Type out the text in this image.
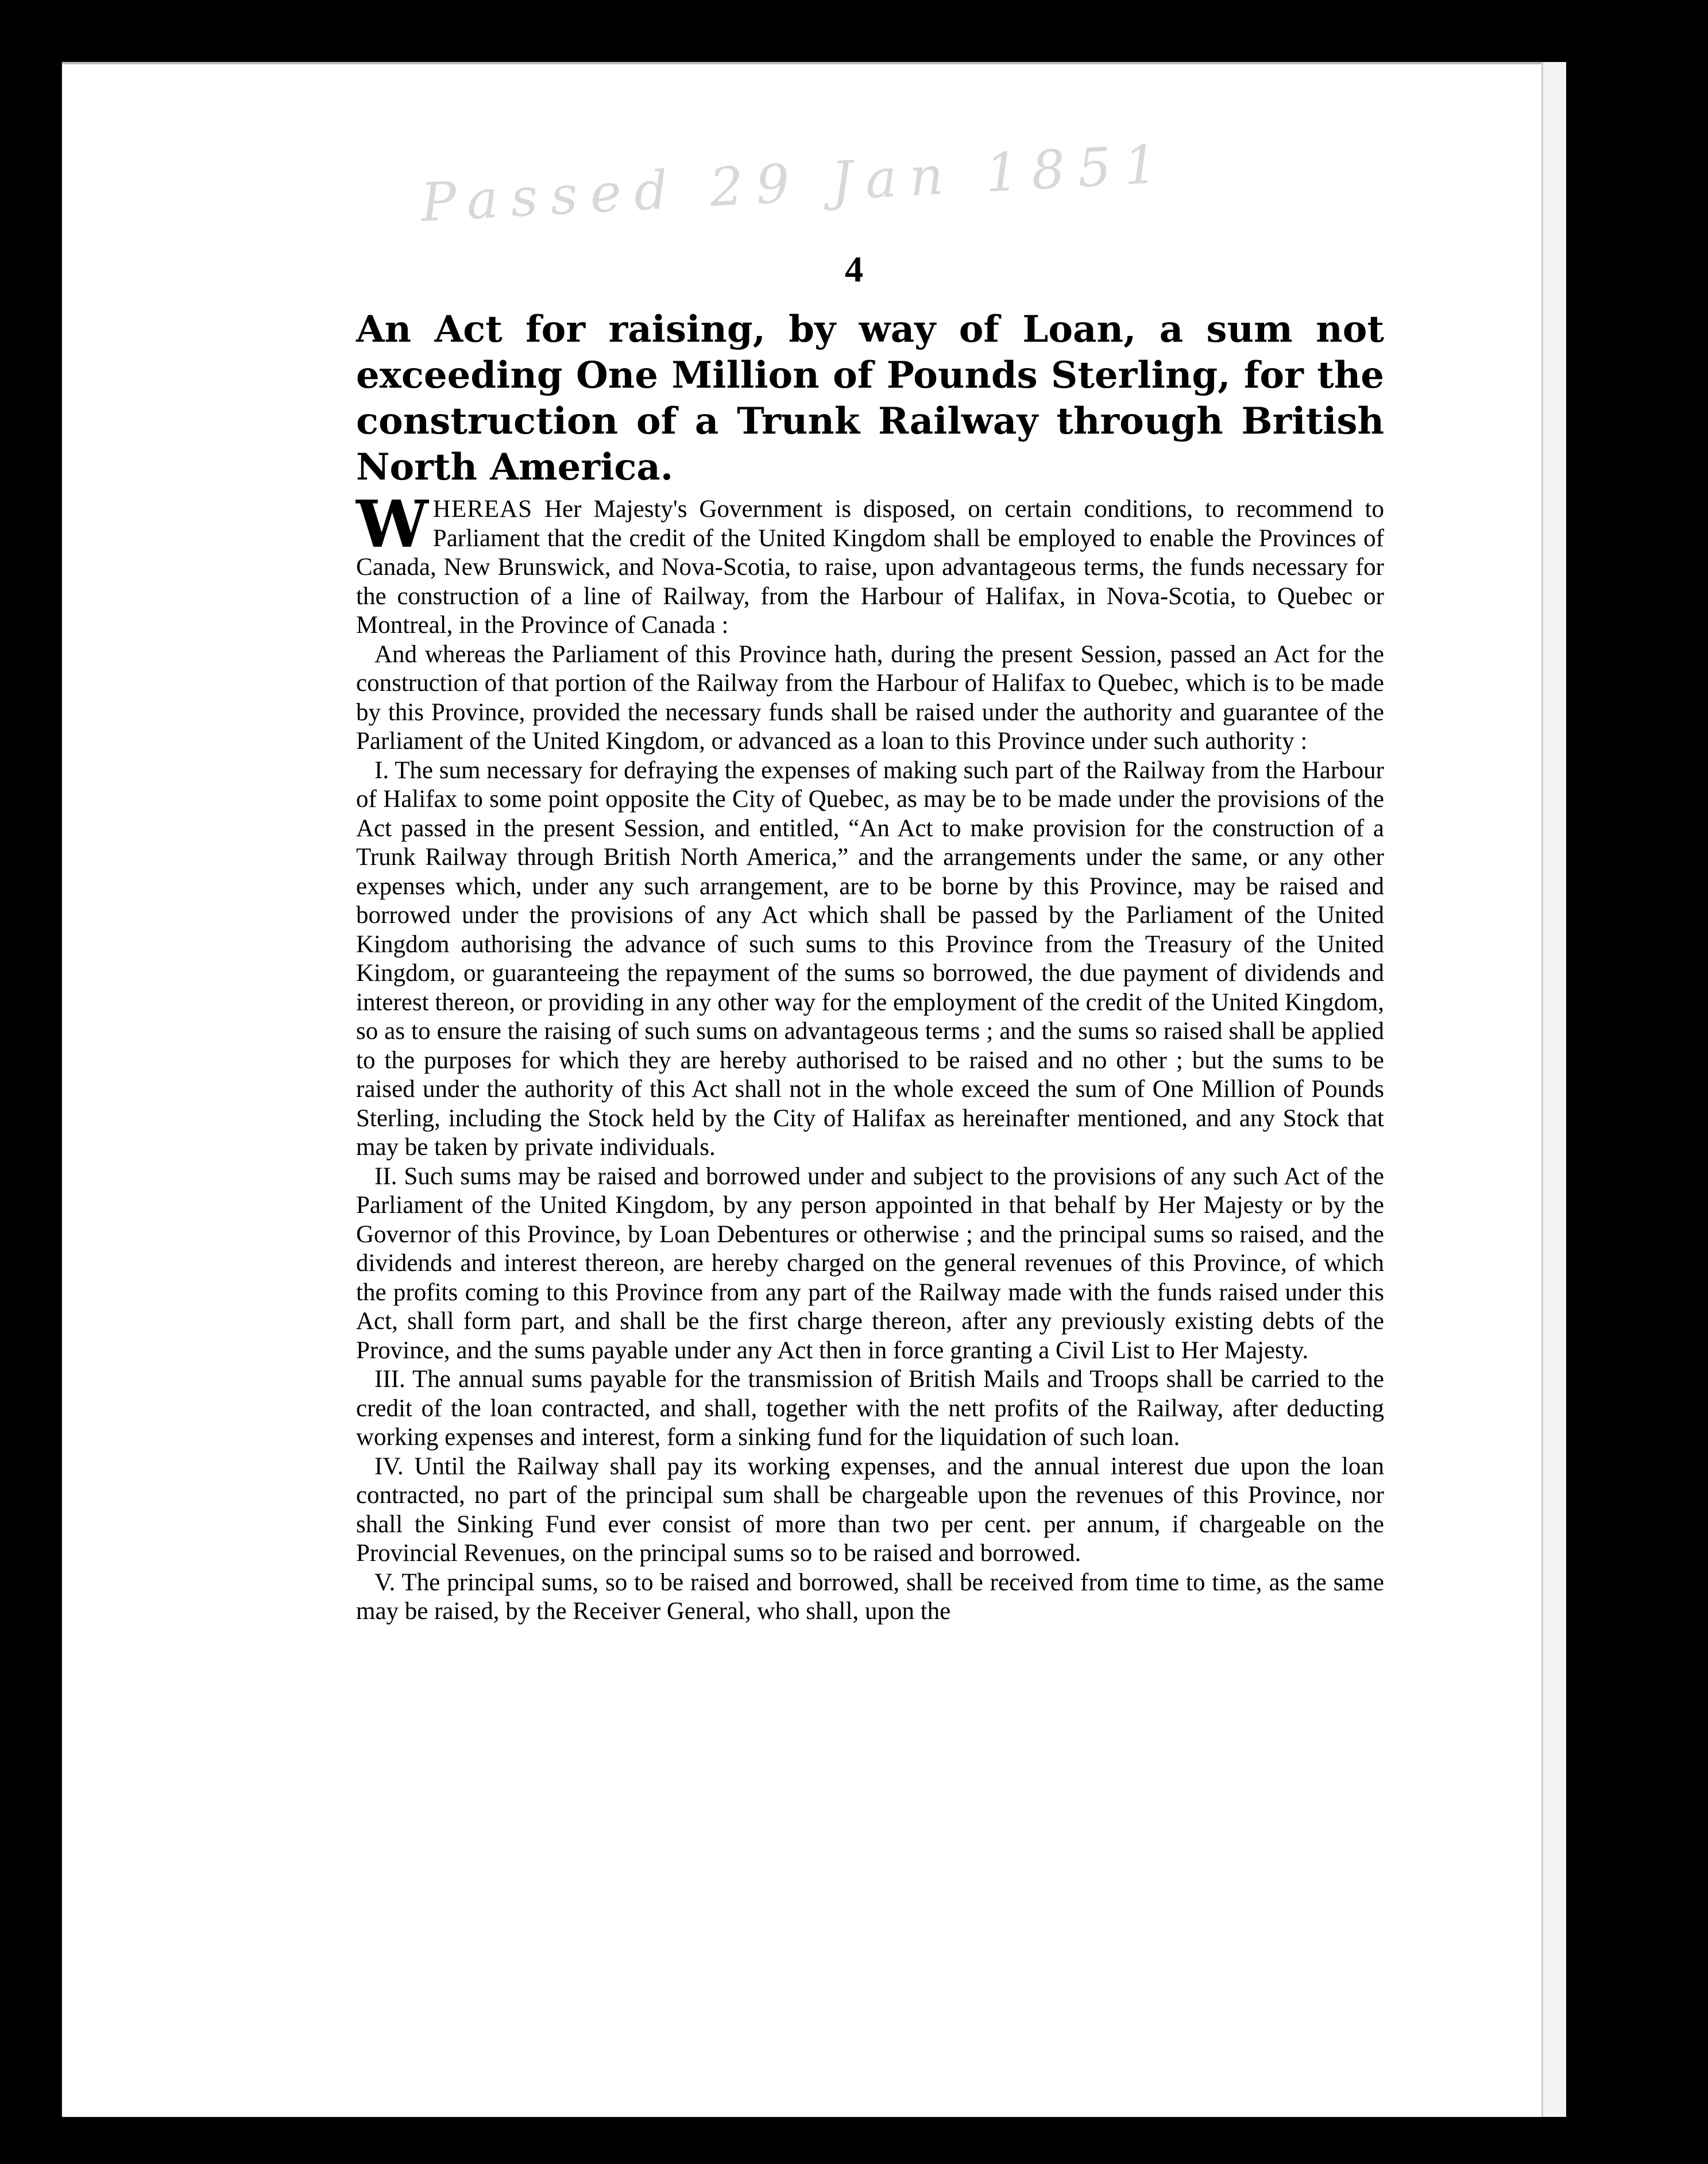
Passed 29 Jan 1851
4
An Act for raising, by way of Loan, a sum not exceeding One Million of Pounds Sterling, for the construction of a Trunk Railway through British North America.

WHEREAS Her Majesty's Government is disposed, on certain conditions, to recommend to Parliament that the credit of the United Kingdom shall be employed to enable the Provinces of Canada, New Brunswick, and Nova-Scotia, to raise, upon advantageous terms, the funds necessary for the construction of a line of Railway, from the Harbour of Halifax, in Nova-Scotia, to Quebec or Montreal, in the Province of Canada :

And whereas the Parliament of this Province hath, during the present Session, passed an Act for the construction of that portion of the Railway from the Harbour of Halifax to Quebec, which is to be made by this Province, provided the necessary funds shall be raised under the authority and guarantee of the Parliament of the United Kingdom, or advanced as a loan to this Province under such authority :

I. The sum necessary for defraying the expenses of making such part of the Railway from the Harbour of Halifax to some point opposite the City of Quebec, as may be to be made under the provisions of the Act passed in the present Session, and entitled, “An Act to make provision for the construction of a Trunk Railway through British North America,” and the arrangements under the same, or any other expenses which, under any such arrangement, are to be borne by this Province, may be raised and borrowed under the provisions of any Act which shall be passed by the Parliament of the United Kingdom authorising the advance of such sums to this Province from the Treasury of the United Kingdom, or guaranteeing the repayment of the sums so borrowed, the due payment of dividends and interest thereon, or providing in any other way for the employment of the credit of the United Kingdom, so as to ensure the raising of such sums on advantageous terms ; and the sums so raised shall be applied to the purposes for which they are hereby authorised to be raised and no other ; but the sums to be raised under the authority of this Act shall not in the whole exceed the sum of One Million of Pounds Sterling, including the Stock held by the City of Halifax as hereinafter mentioned, and any Stock that may be taken by private individuals.

II. Such sums may be raised and borrowed under and subject to the provisions of any such Act of the Parliament of the United Kingdom, by any person appointed in that behalf by Her Majesty or by the Governor of this Province, by Loan Debentures or otherwise ; and the principal sums so raised, and the dividends and interest thereon, are hereby charged on the general revenues of this Province, of which the profits coming to this Province from any part of the Railway made with the funds raised under this Act, shall form part, and shall be the first charge thereon, after any previously existing debts of the Province, and the sums payable under any Act then in force granting a Civil List to Her Majesty.

III. The annual sums payable for the transmission of British Mails and Troops shall be carried to the credit of the loan contracted, and shall, together with the nett profits of the Railway, after deducting working expenses and interest, form a sinking fund for the liquidation of such loan.

IV. Until the Railway shall pay its working expenses, and the annual interest due upon the loan contracted, no part of the principal sum shall be chargeable upon the revenues of this Province, nor shall the Sinking Fund ever consist of more than two per cent. per annum, if chargeable on the Provincial Revenues, on the principal sums so to be raised and borrowed.

V. The principal sums, so to be raised and borrowed, shall be received from time to time, as the same may be raised, by the Receiver General, who shall, upon the
